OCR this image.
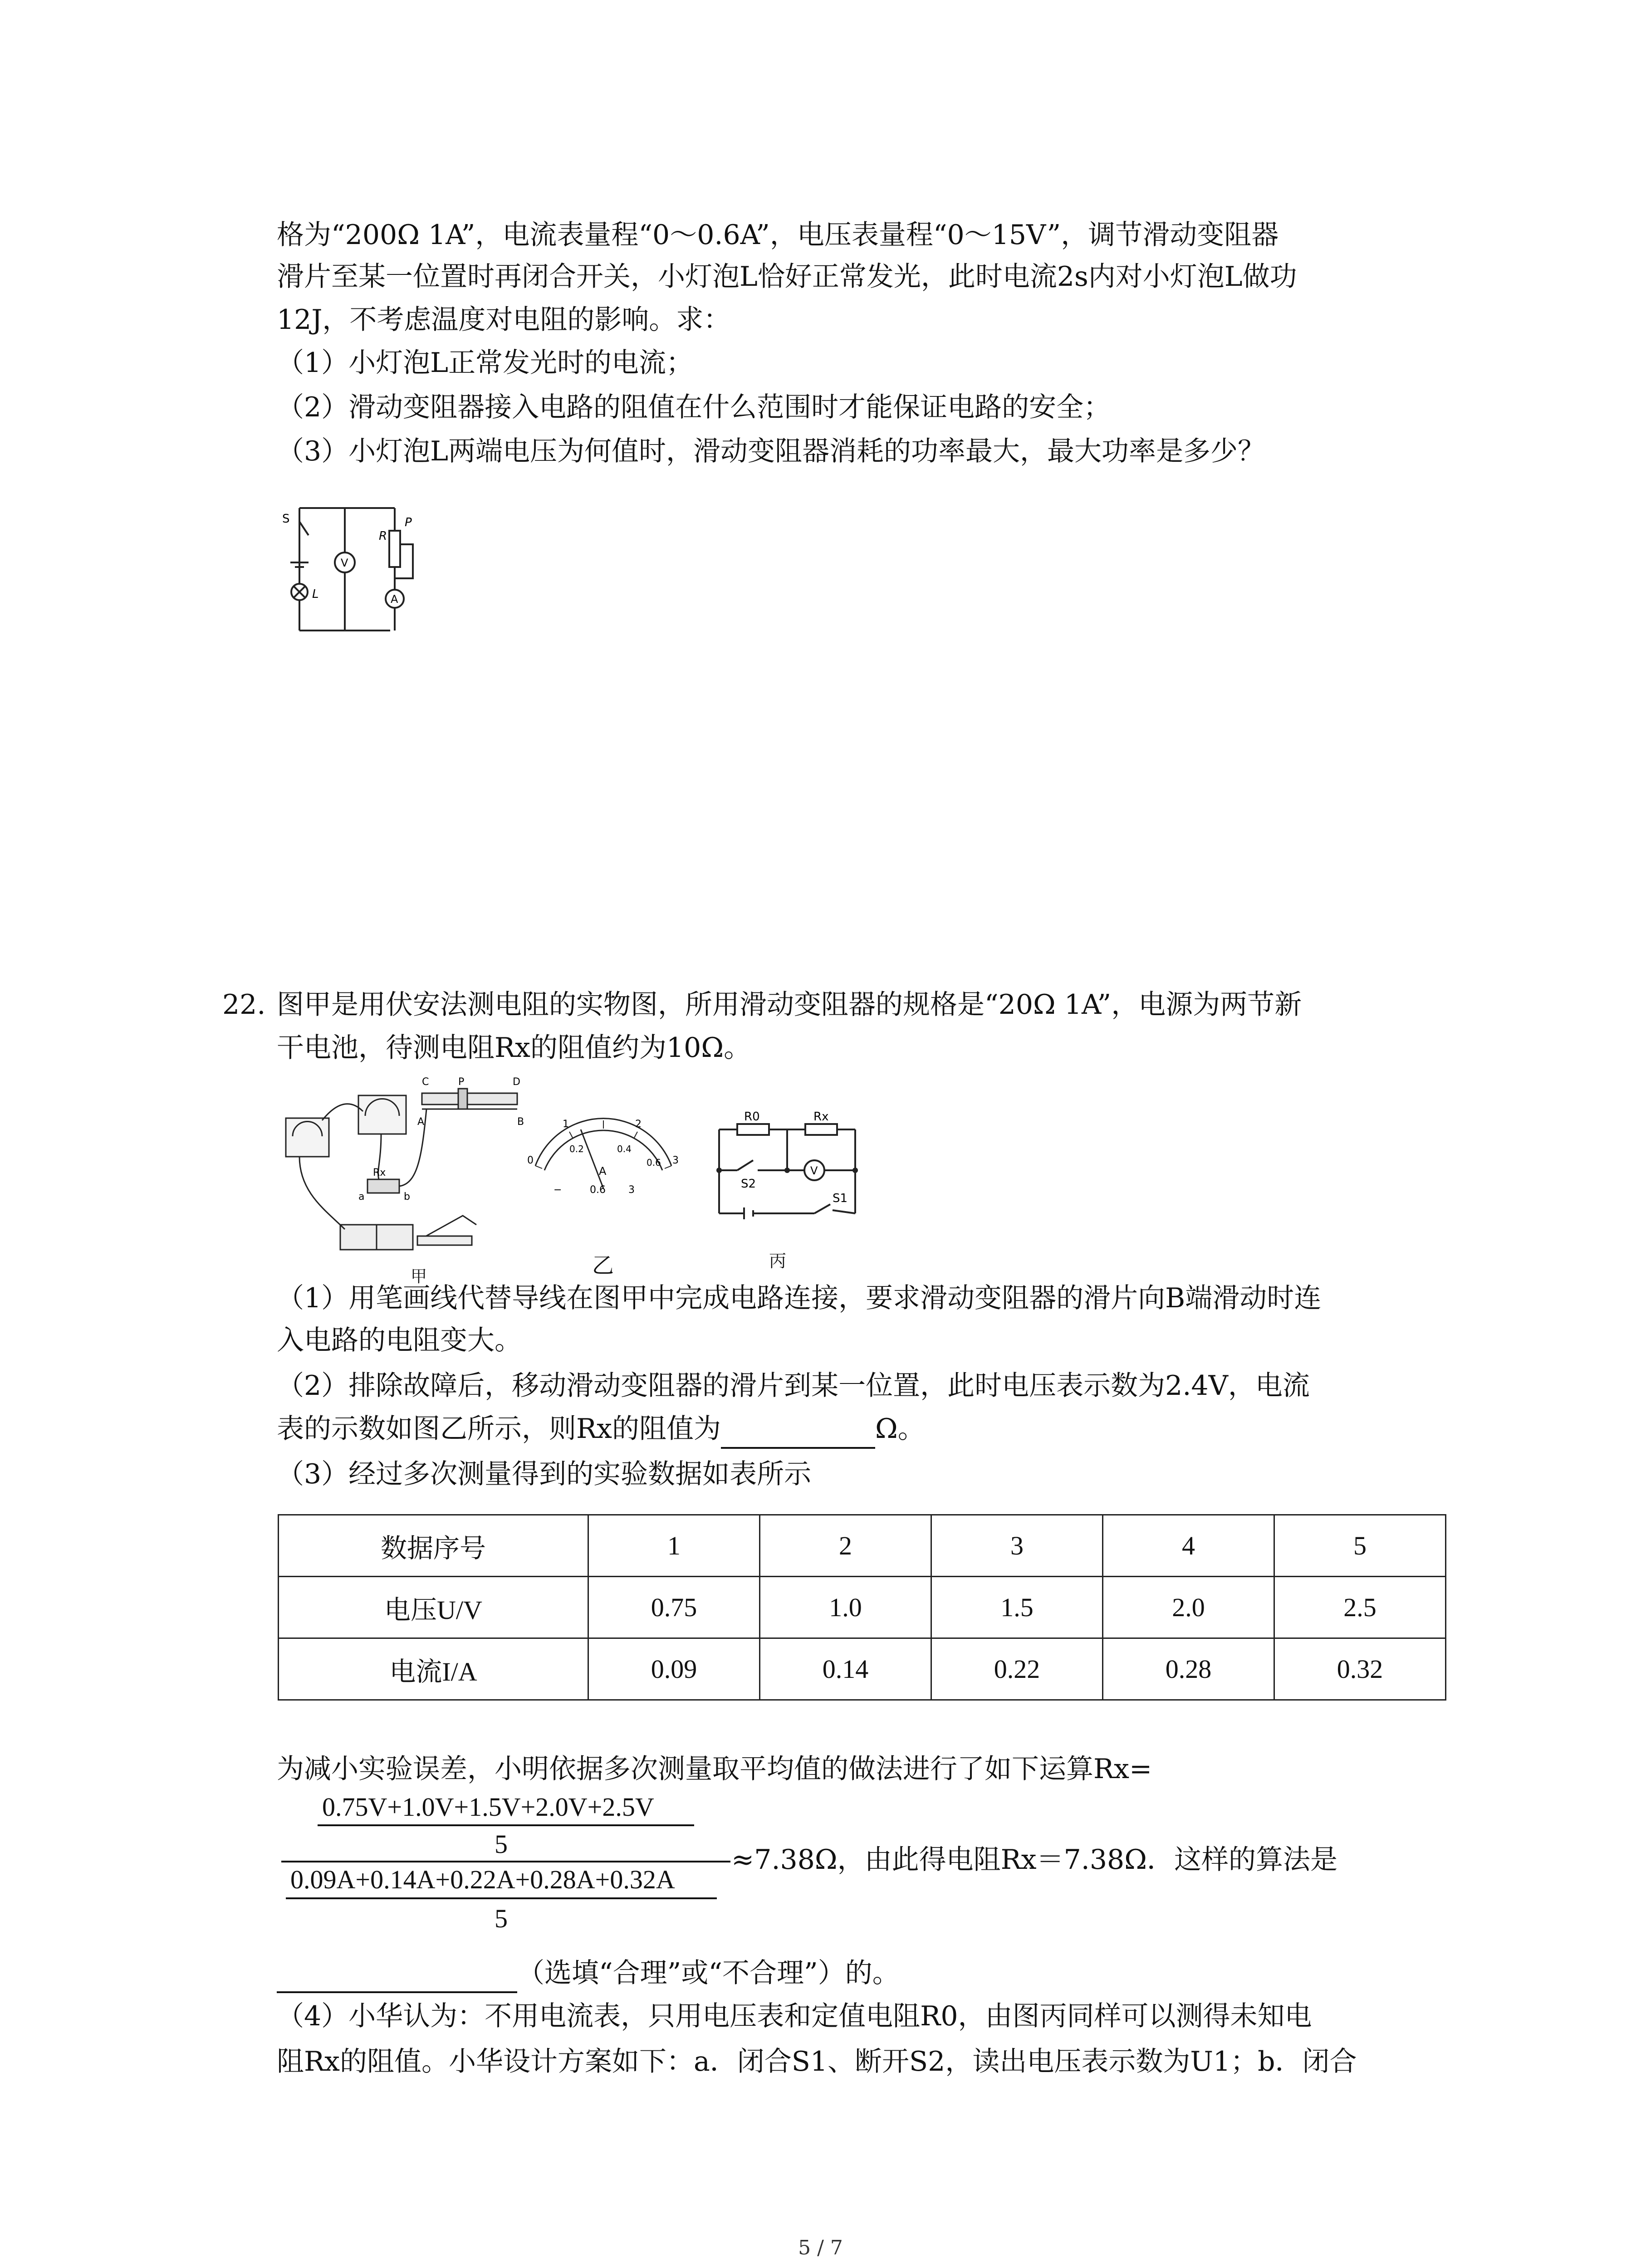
格为“200Ω 1A”，电流表量程“0～0.6A”，电压表量程“0～15V”，调节滑动变阻器
滑片至某一位置时再闭合开关，小灯泡L恰好正常发光，此时电流2s内对小灯泡L做功
12J，不考虑温度对电阻的影响。求：
（1）小灯泡L正常发光时的电流；
（2）滑动变阻器接入电路的阻值在什么范围时才能保证电路的安全；
（3）小灯泡L两端电压为何值时，滑动变阻器消耗的功率最大，最大功率是多少？
S
L
V
R
P
A
22. 图甲是用伏安法测电阻的实物图，所用滑动变阻器的规格是“20Ω 1A”，电源为两节新
干电池，待测电阻Rx的阻值约为10Ω。
C	P	D
A	B
Rx
b
a
甲
0
1	2
3
0.2	0.4
0.6
A
−	0.6 3
乙
R0	Rx
S2
V
S1
丙
（1）用笔画线代替导线在图甲中完成电路连接，要求滑动变阻器的滑片向B端滑动时连
入电路的电阻变大。
（2）排除故障后，移动滑动变阻器的滑片到某一位置，此时电压表示数为2.4V，电流
表的示数如图乙所示，则Rx的阻值为	Ω。
（3）经过多次测量得到的实验数据如表所示
数据序号	1	2	3	4	5
电压U/V	0.75	1.0	1.5	2.0	2.5
电流I/A	0.09	0.14	0.22	0.28	0.32
为减小实验误差，小明依据多次测量取平均值的做法进行了如下运算Rx=
0.75V+1.0V+1.5V+2.0V+2.5V
5
0.09A+0.14A+0.22A+0.28A+0.32A
5
≈7.38Ω，由此得电阻Rx＝7.38Ω．这样的算法是
（选填“合理”或“不合理”）的。
（4）小华认为：不用电流表，只用电压表和定值电阻R0，由图丙同样可以测得未知电
阻Rx的阻值。小华设计方案如下：a．闭合S1、断开S2，读出电压表示数为U1；b．闭合
5 / 7
